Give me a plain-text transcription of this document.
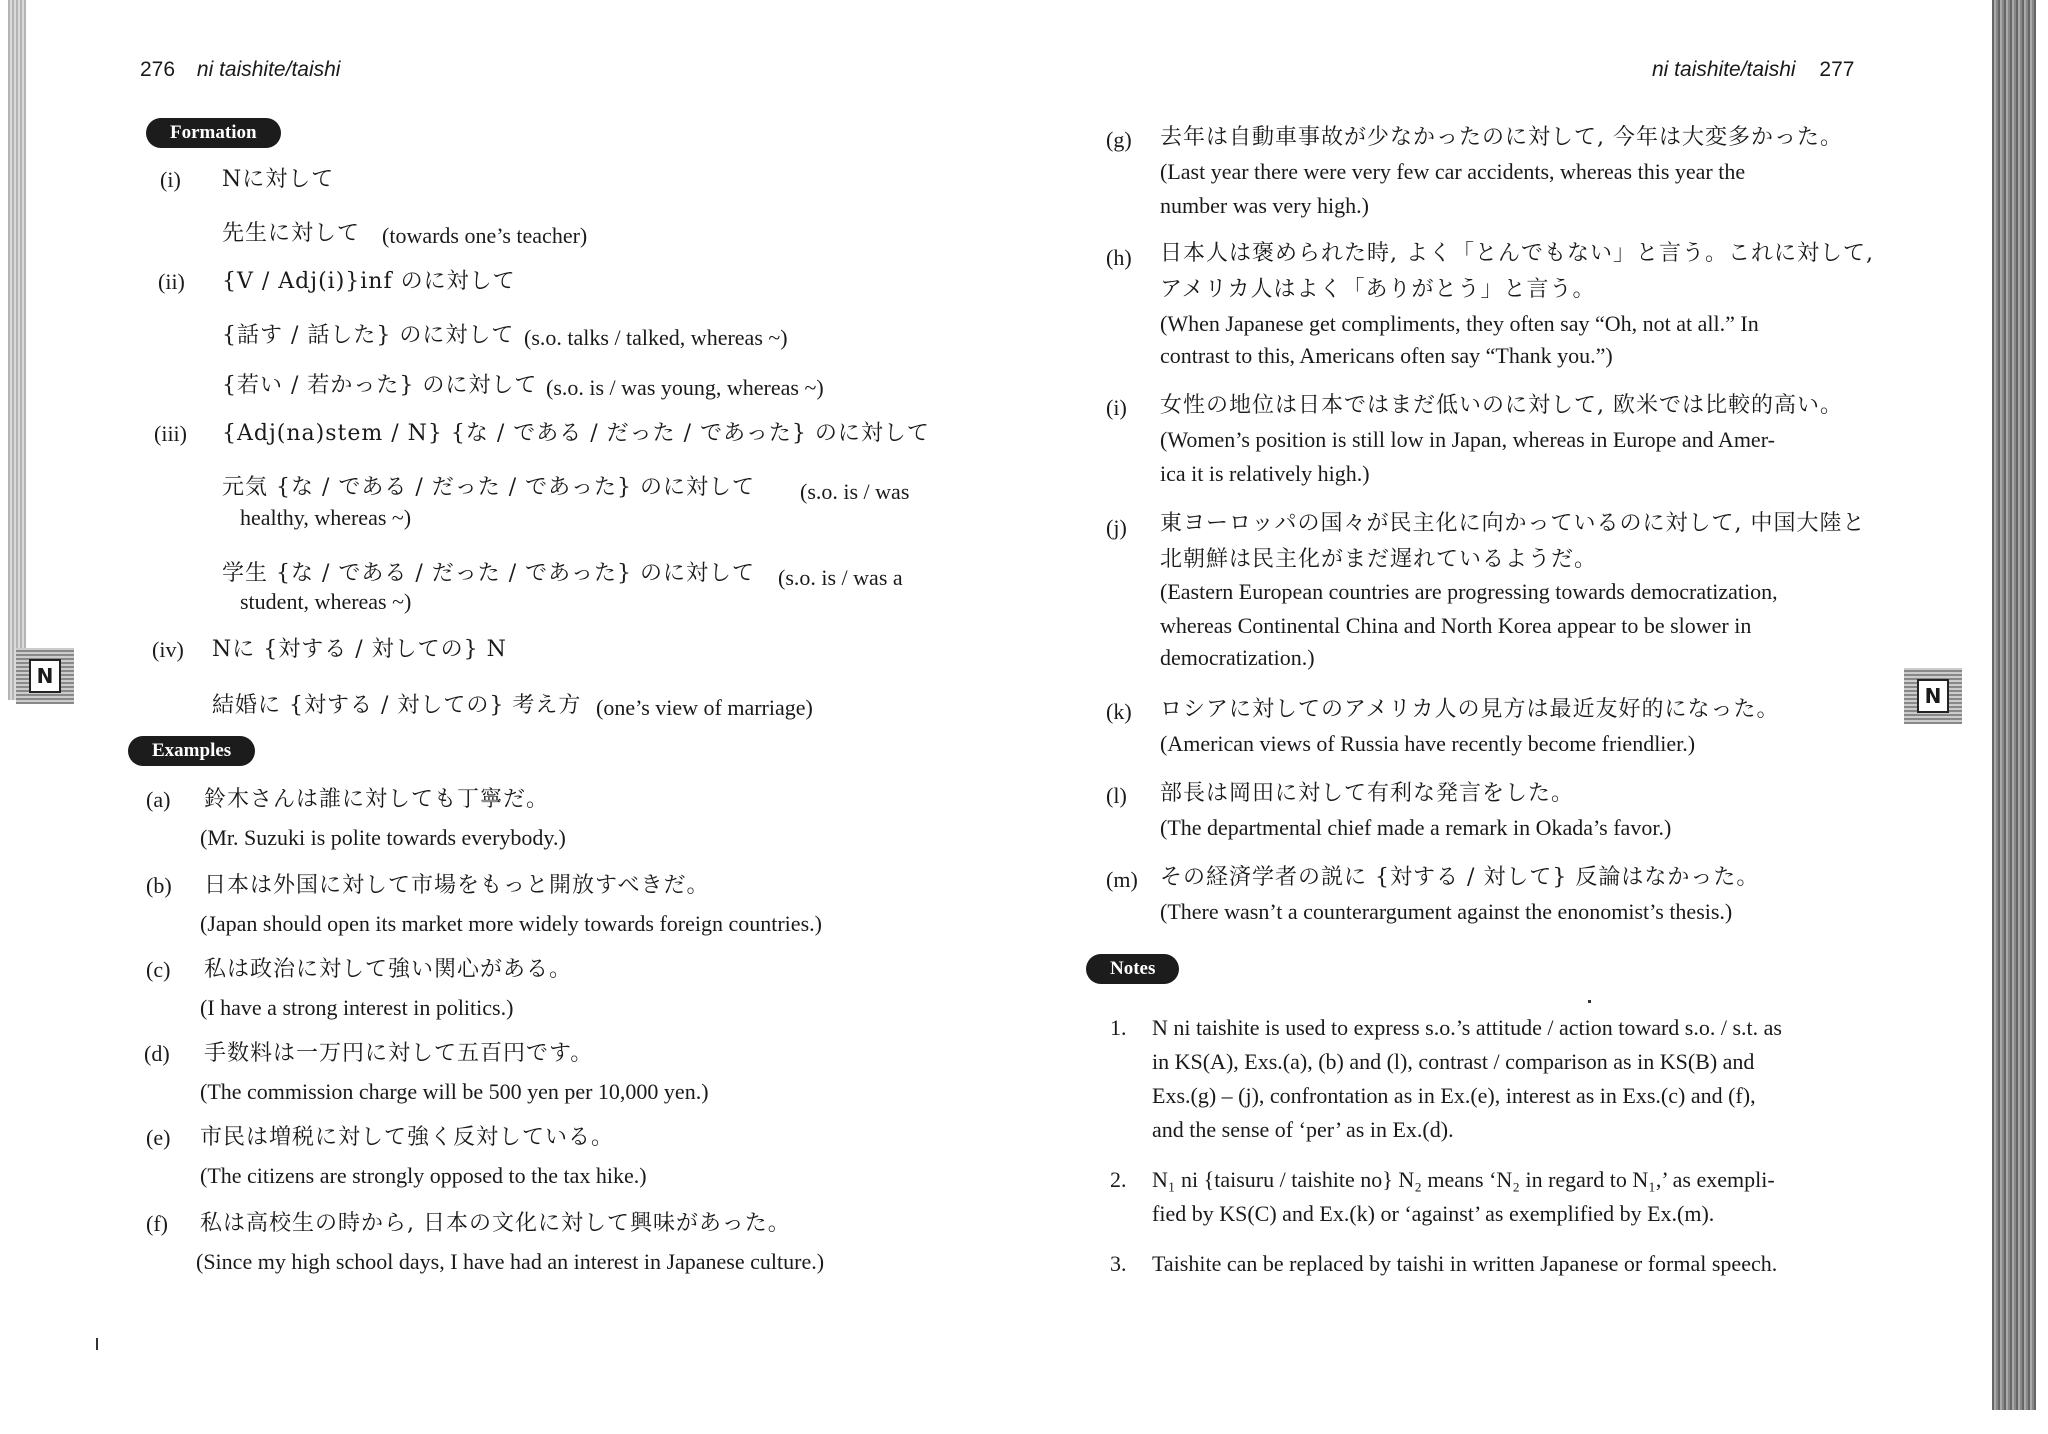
N
276 ni taishite/taishi
Formation
(i) Nに対して
先生に対して (towards one’s teacher)
(ii) {V / Adj(i)}inf のに対して
{話す / 話した} のに対して (s.o. talks / talked, whereas ~)
{若い / 若かった} のに対して (s.o. is / was young, whereas ~)
(iii) {Adj(na)stem / N} {な / である / だった / であった} のに対して
元気 {な / である / だった / であった} のに対して (s.o. is / was
healthy, whereas ~)
学生 {な / である / だった / であった} のに対して (s.o. is / was a
student, whereas ~)
(iv) Nに {対する / 対しての} N
結婚に {対する / 対しての} 考え方 (one’s view of marriage)
Examples
(a) 鈴木さんは誰に対しても丁寧だ。
(Mr. Suzuki is polite towards everybody.)
(b) 日本は外国に対して市場をもっと開放すべきだ。
(Japan should open its market more widely towards foreign countries.)
(c) 私は政治に対して強い関心がある。
(I have a strong interest in politics.)
(d) 手数料は一万円に対して五百円です。
(The commission charge will be 500 yen per 10,000 yen.)
(e) 市民は増税に対して強く反対している。
(The citizens are strongly opposed to the tax hike.)
(f) 私は高校生の時から, 日本の文化に対して興味があった。
(Since my high school days, I have had an interest in Japanese culture.)
N
ni taishite/taishi 277
(g) 去年は自動車事故が少なかったのに対して, 今年は大変多かった。
(Last year there were very few car accidents, whereas this year the
number was very high.)
(h) 日本人は褒められた時, よく「とんでもない」と言う。これに対して,
アメリカ人はよく「ありがとう」と言う。
(When Japanese get compliments, they often say “Oh, not at all.” In
contrast to this, Americans often say “Thank you.”)
(i) 女性の地位は日本ではまだ低いのに対して, 欧米では比較的高い。
(Women’s position is still low in Japan, whereas in Europe and Amer-
ica it is relatively high.)
(j) 東ヨーロッパの国々が民主化に向かっているのに対して, 中国大陸と
北朝鮮は民主化がまだ遅れているようだ。
(Eastern European countries are progressing towards democratization,
whereas Continental China and North Korea appear to be slower in
democratization.)
(k) ロシアに対してのアメリカ人の見方は最近友好的になった。
(American views of Russia have recently become friendlier.)
(l) 部長は岡田に対して有利な発言をした。
(The departmental chief made a remark in Okada’s favor.)
(m) その経済学者の説に {対する / 対して} 反論はなかった。
(There wasn’t a counterargument against the enonomist’s thesis.)
Notes
1. N ni taishite is used to express s.o.’s attitude / action toward s.o. / s.t. as
in KS(A), Exs.(a), (b) and (l), contrast / comparison as in KS(B) and
Exs.(g) – (j), confrontation as in Ex.(e), interest as in Exs.(c) and (f),
and the sense of ‘per’ as in Ex.(d).
2. N₁ ni {taisuru / taishite no} N₂ means ‘N₂ in regard to N₁,’ as exempli-
fied by KS(C) and Ex.(k) or ‘against’ as exemplified by Ex.(m).
3. Taishite can be replaced by taishi in written Japanese or formal speech.
